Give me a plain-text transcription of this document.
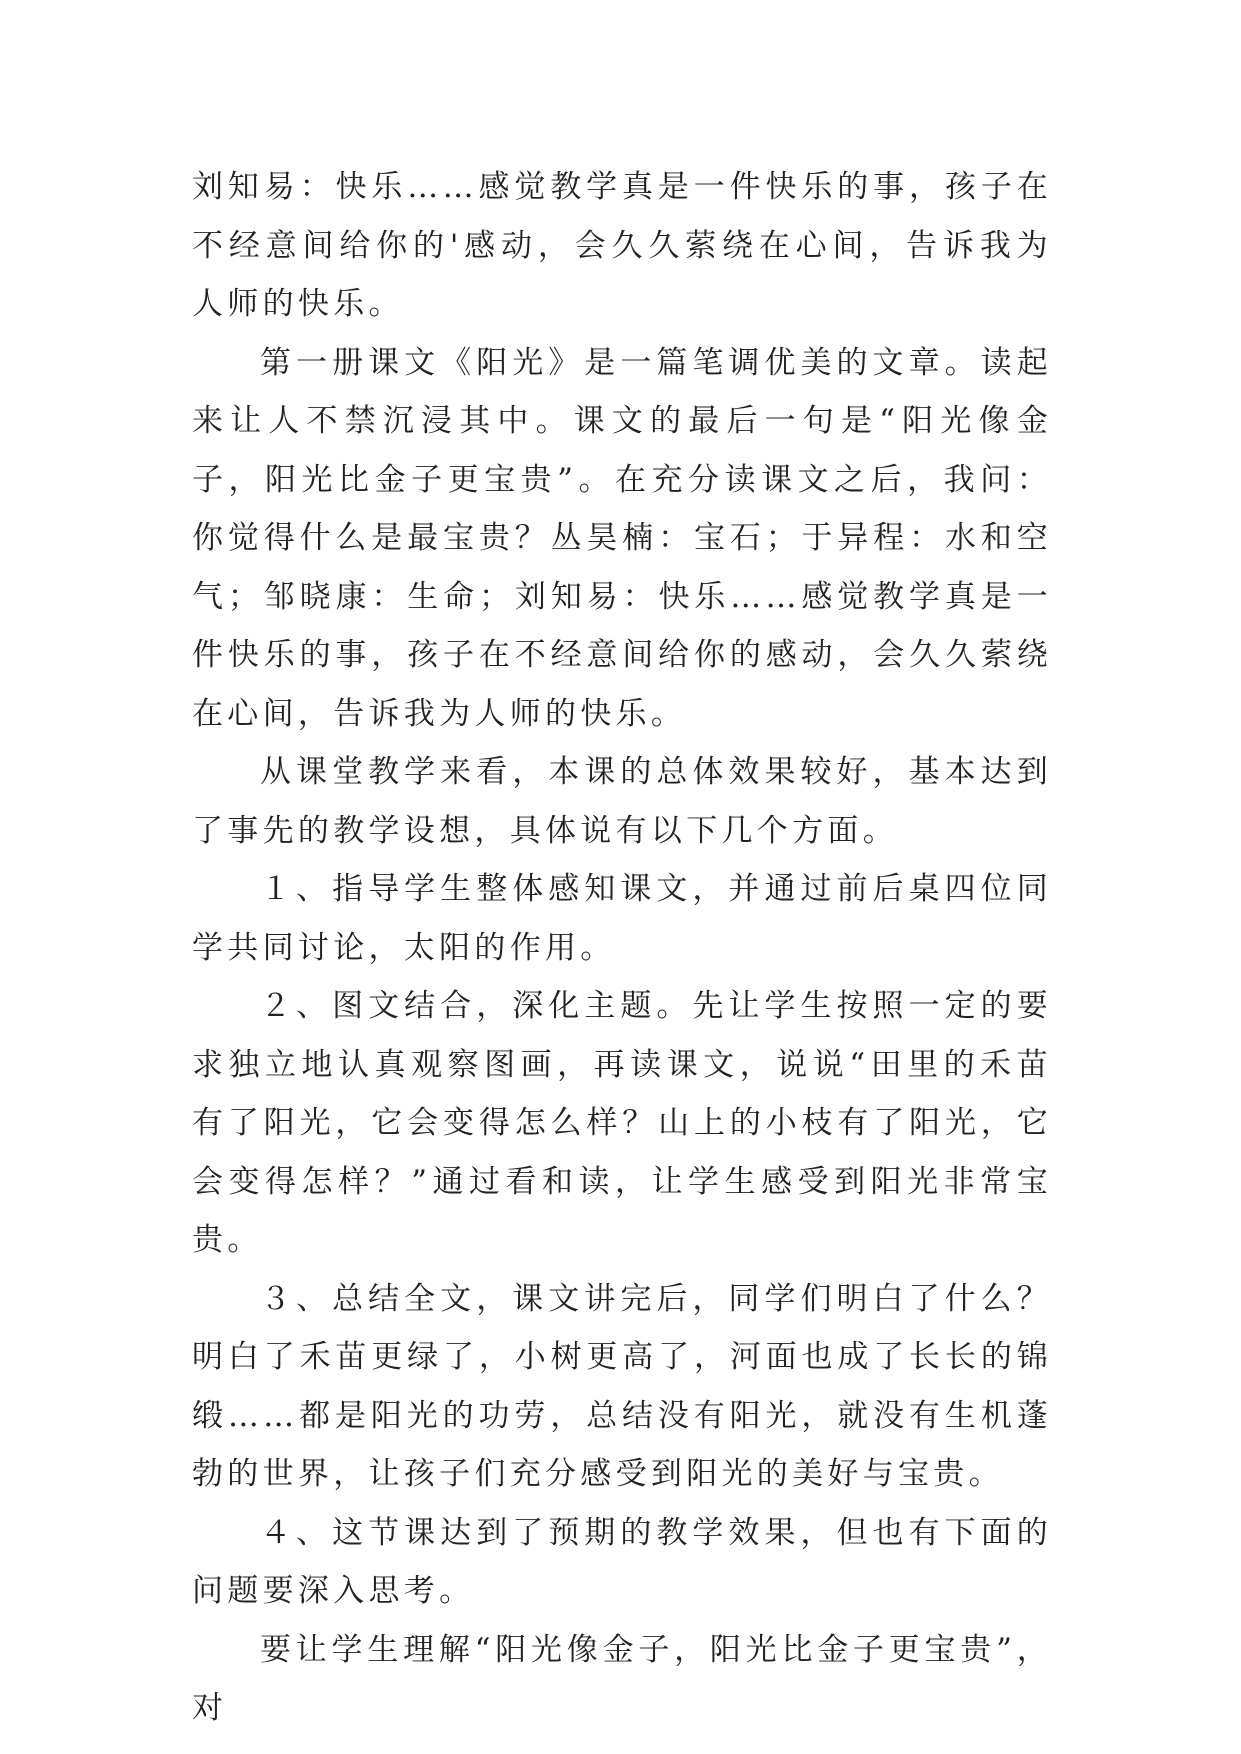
刘知易：快乐……感觉教学真是一件快乐的事，孩子在不经意间给你的'感动，会久久萦绕在心间，告诉我为人师的快乐。

第一册课文《阳光》是一篇笔调优美的文章。读起来让人不禁沉浸其中。课文的最后一句是“阳光像金子，阳光比金子更宝贵”。在充分读课文之后，我问：你觉得什么是最宝贵？丛昊楠：宝石；于异程：水和空气；邹晓康：生命；刘知易：快乐……感觉教学真是一件快乐的事，孩子在不经意间给你的感动，会久久萦绕在心间，告诉我为人师的快乐。

从课堂教学来看，本课的总体效果较好，基本达到了事先的教学设想，具体说有以下几个方面。

１、指导学生整体感知课文，并通过前后桌四位同学共同讨论，太阳的作用。

２、图文结合，深化主题。先让学生按照一定的要求独立地认真观察图画，再读课文，说说“田里的禾苗有了阳光，它会变得怎么样？山上的小枝有了阳光，它会变得怎样？”通过看和读，让学生感受到阳光非常宝贵。

３、总结全文，课文讲完后，同学们明白了什么？明白了禾苗更绿了，小树更高了，河面也成了长长的锦缎……都是阳光的功劳，总结没有阳光，就没有生机蓬勃的世界，让孩子们充分感受到阳光的美好与宝贵。

４、这节课达到了预期的教学效果，但也有下面的问题要深入思考。

要让学生理解“阳光像金子，阳光比金子更宝贵”，对
